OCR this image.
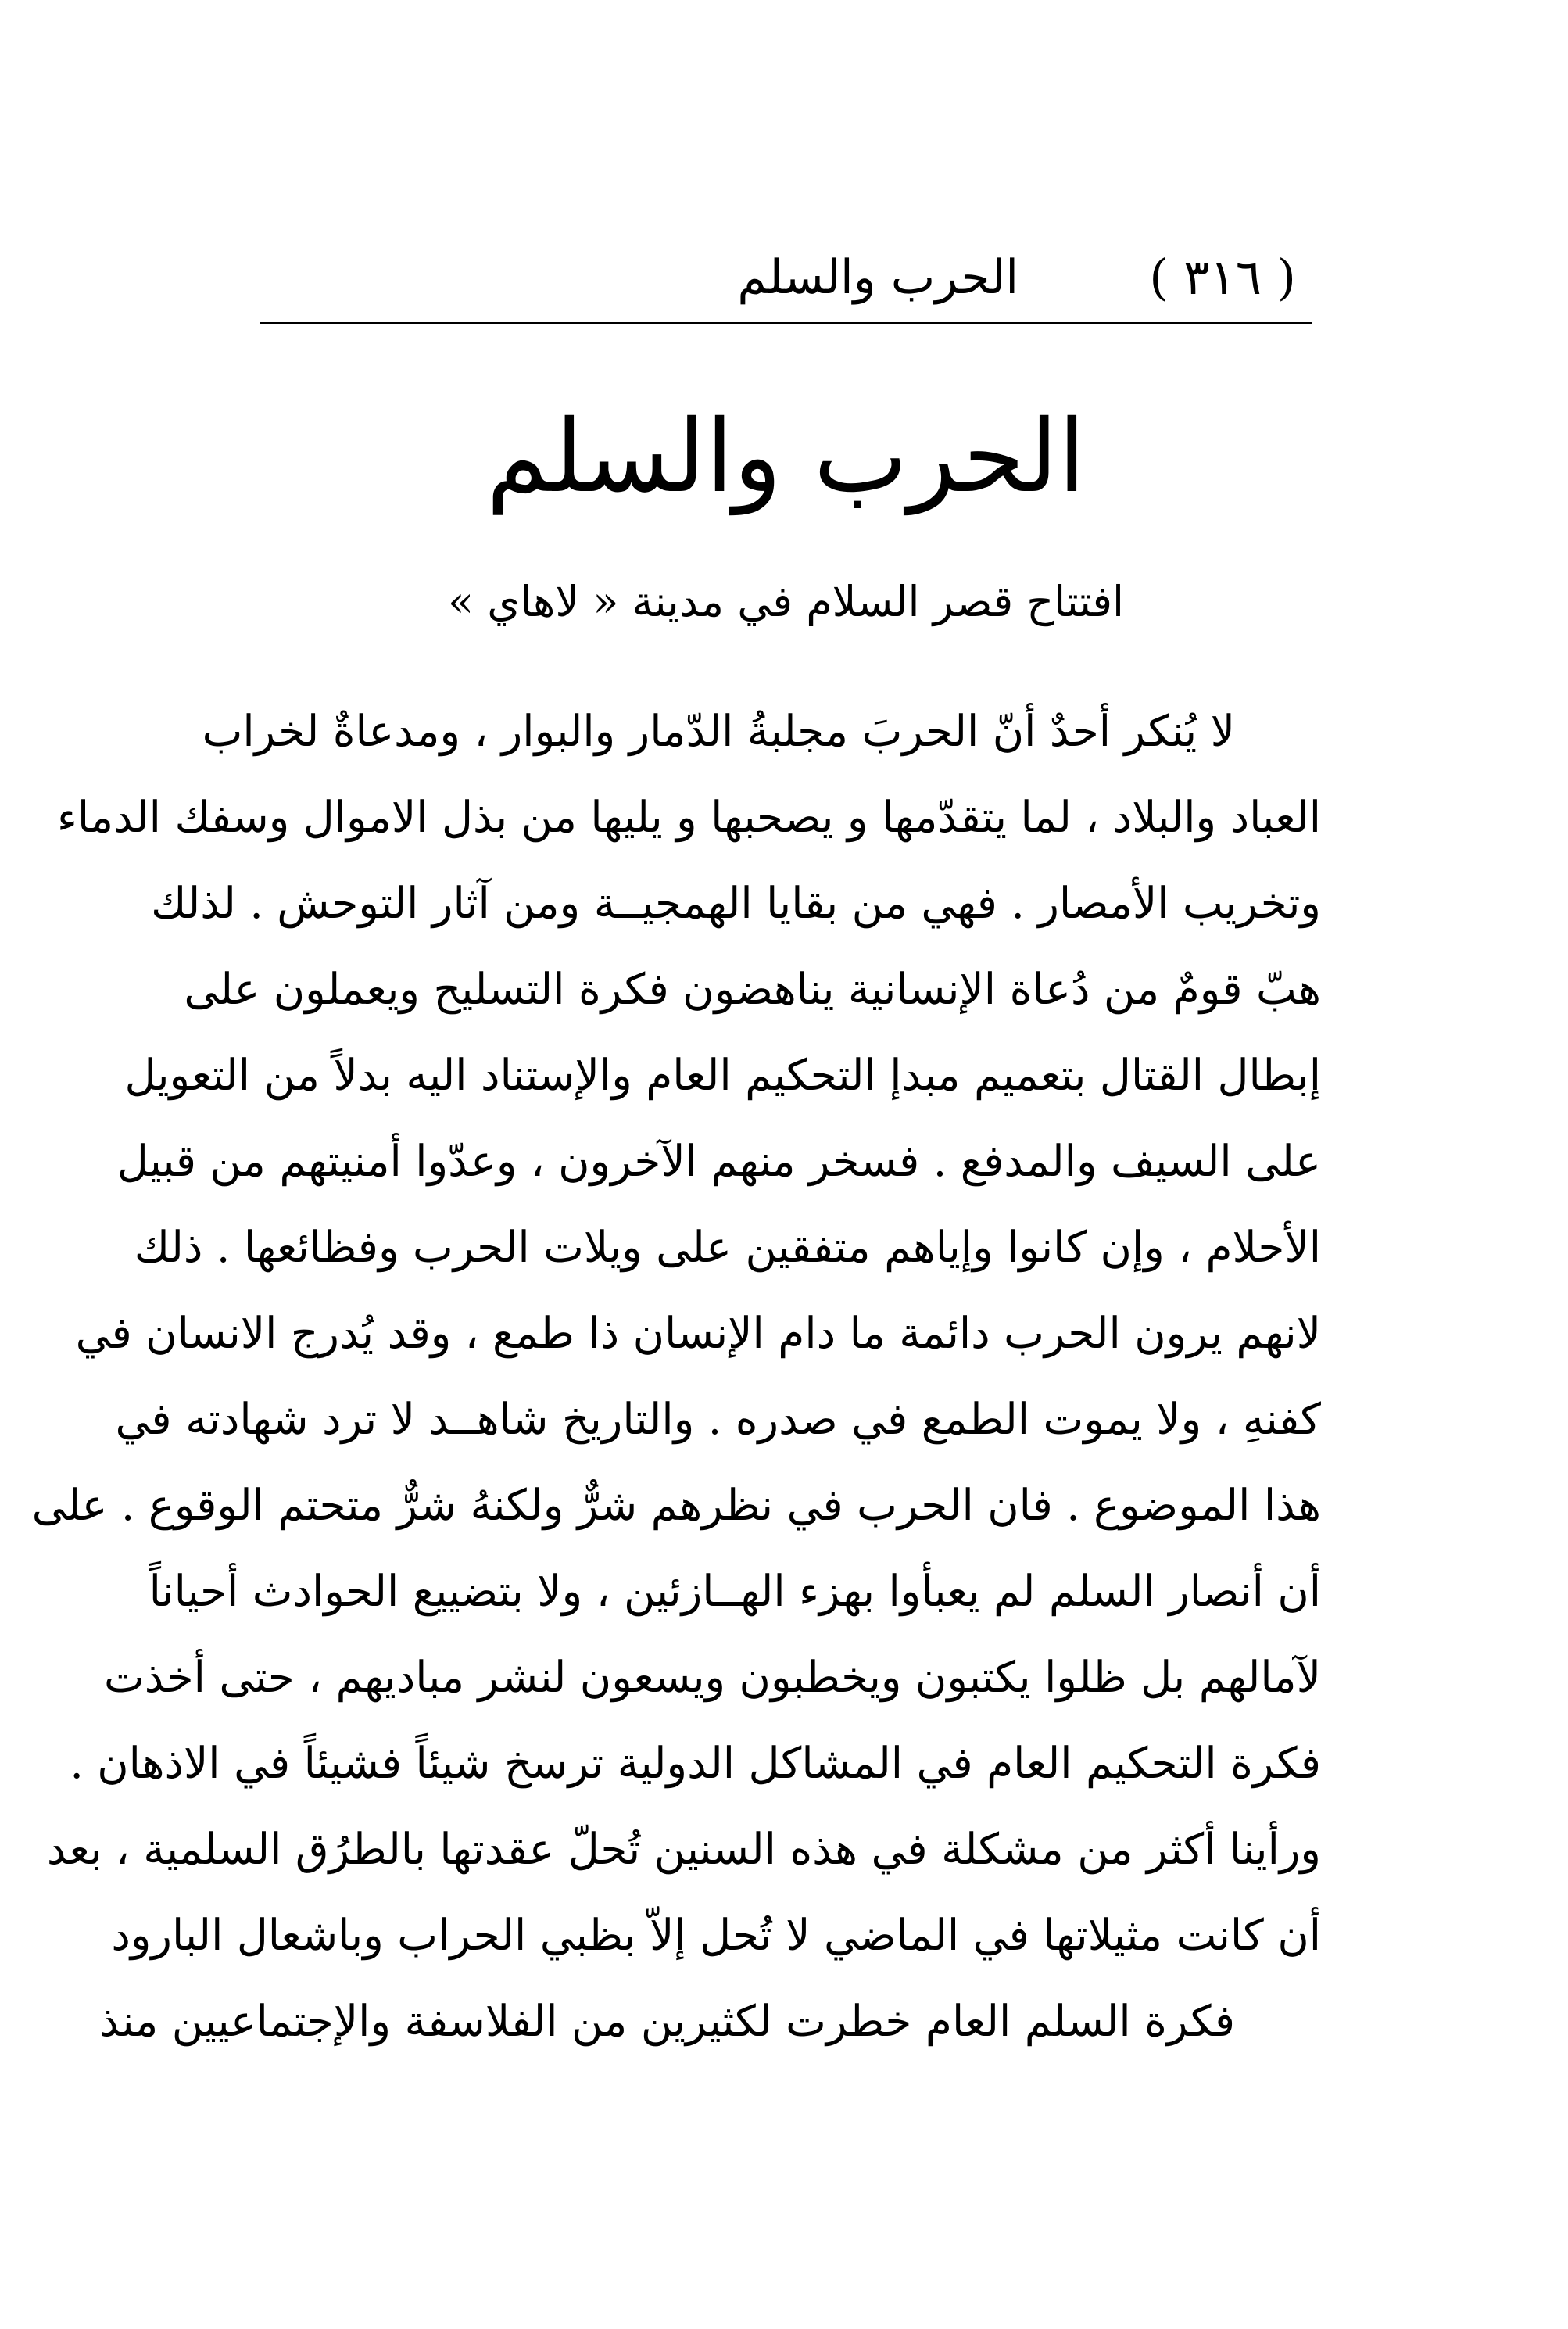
( ٣١٦ )
الحرب والسلم
الحرب والسلم
افتتاح قصر السلام في مدينة « لاهاي »
لا يُنكر أحدٌ أنّ الحربَ مجلبةُ الدّمار والبوار ، ومدعاةٌ لخراب
العباد والبلاد ، لما يتقدّمها و يصحبها و يليها من بذل الاموال وسفك الدماء
وتخريب الأمصار . فهي من بقايا الهمجيــة ومن آثار التوحش . لذلك
هبّ قومٌ من دُعاة الإنسانية يناهضون فكرة التسليح ويعملون على
إبطال القتال بتعميم مبدإ التحكيم العام والإستناد اليه بدلاً من التعويل
على السيف والمدفع . فسخر منهم الآخرون ، وعدّوا أمنيتهم من قبيل
الأحلام ، وإن كانوا وإياهم متفقين على ويلات الحرب وفظائعها . ذلك
لانهم يرون الحرب دائمة ما دام الإنسان ذا طمع ، وقد يُدرج الانسان في
كفنهِ ، ولا يموت الطمع في صدره . والتاريخ شاهــد لا ترد شهادته في
هذا الموضوع . فان الحرب في نظرهم شرٌّ ولكنهُ شرٌّ متحتم الوقوع . على
أن أنصار السلم لم يعبأوا بهزء الهــازئين ، ولا بتضييع الحوادث أحياناً
لآمالهم بل ظلوا يكتبون ويخطبون ويسعون لنشر مباديهم ، حتى أخذت
فكرة التحكيم العام في المشاكل الدولية ترسخ شيئاً فشيئاً في الاذهان .
ورأينا أكثر من مشكلة في هذه السنين تُحلّ عقدتها بالطرُق السلمية ، بعد
أن كانت مثيلاتها في الماضي لا تُحل إلاّ بظبي الحراب وباشعال البارود
فكرة السلم العام خطرت لكثيرين من الفلاسفة والإجتماعيين منذ
